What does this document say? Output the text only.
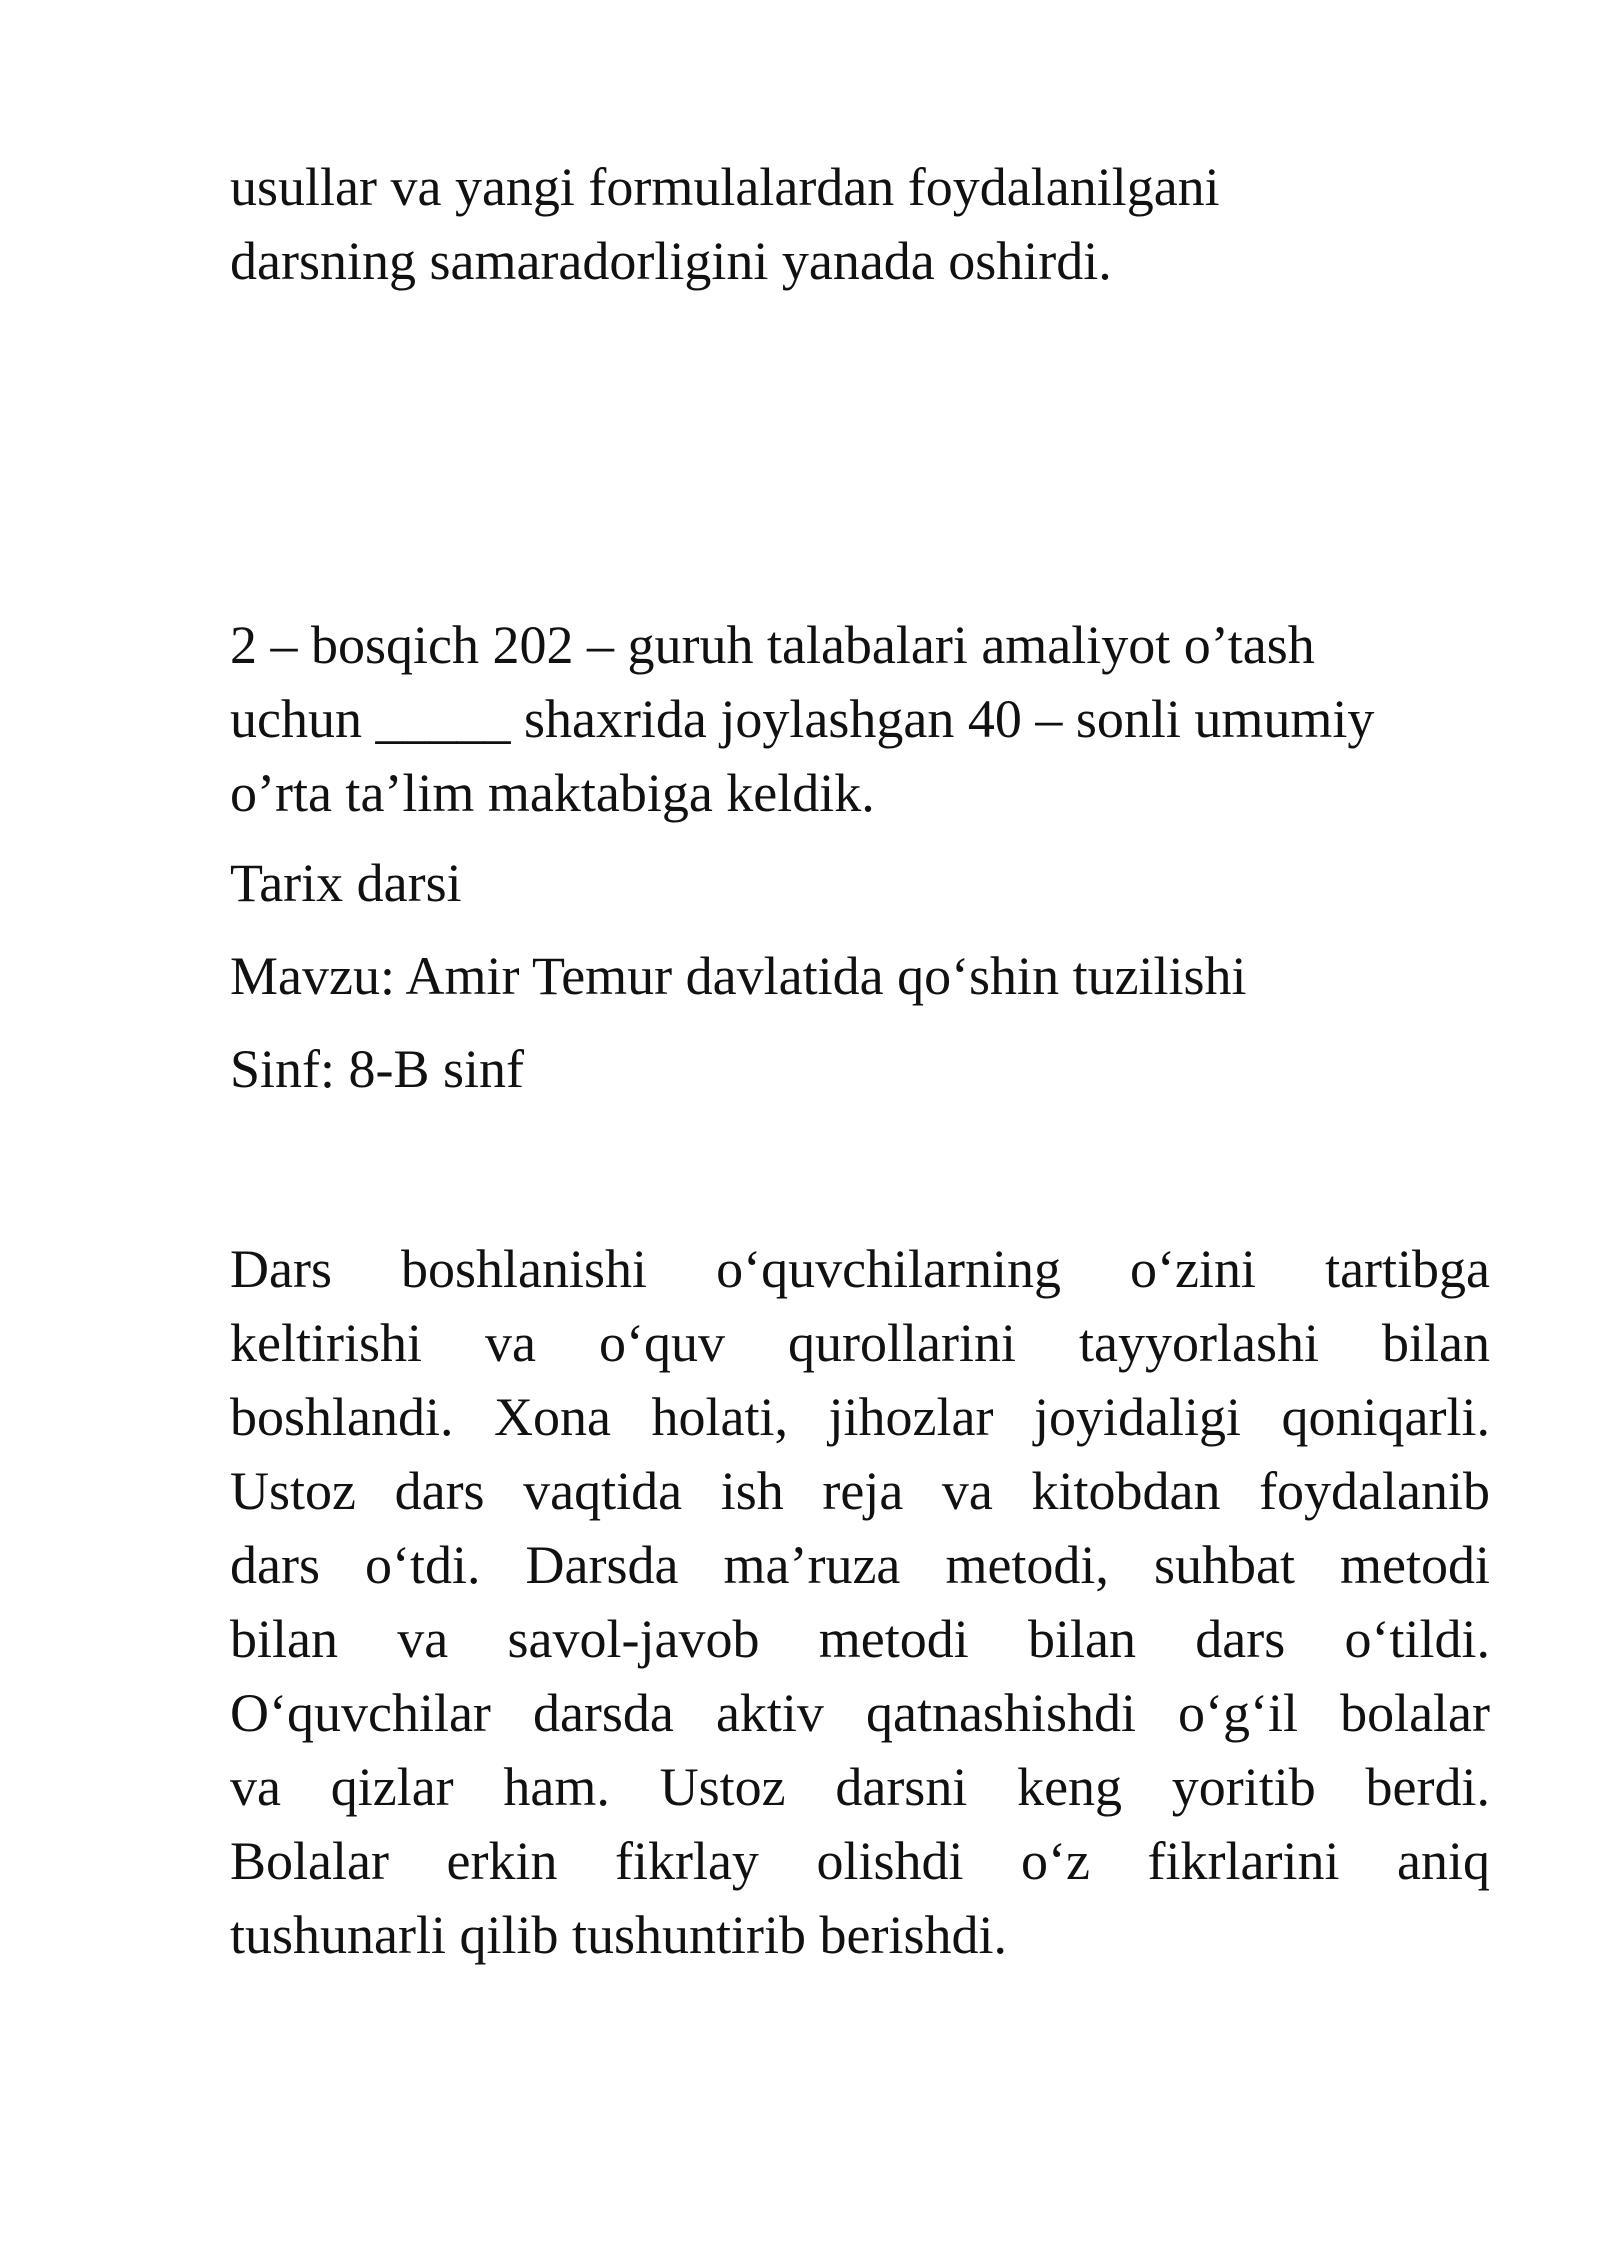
usullar va yangi formulalardan foydalanilgani

darsning samaradorligini yanada oshirdi.

2 – bosqich 202 – guruh talabalari amaliyot o’tash

uchun _____ shaxrida joylashgan 40 – sonli umumiy

o’rta ta’lim maktabiga keldik.

Tarix darsi

Mavzu: Amir Temur davlatida qo‘shin tuzilishi

Sinf: 8-B sinf

Dars boshlanishi o‘quvchilarning o‘zini tartibga

keltirishi va o‘quv qurollarini tayyorlashi bilan

boshlandi. Xona holati, jihozlar joyidaligi qoniqarli.

Ustoz dars vaqtida ish reja va kitobdan foydalanib

dars o‘tdi. Darsda ma’ruza metodi, suhbat metodi

bilan va savol-javob metodi bilan dars o‘tildi.

O‘quvchilar darsda aktiv qatnashishdi o‘g‘il bolalar

va qizlar ham. Ustoz darsni keng yoritib berdi.

Bolalar erkin fikrlay olishdi o‘z fikrlarini aniq

tushunarli qilib tushuntirib berishdi.
